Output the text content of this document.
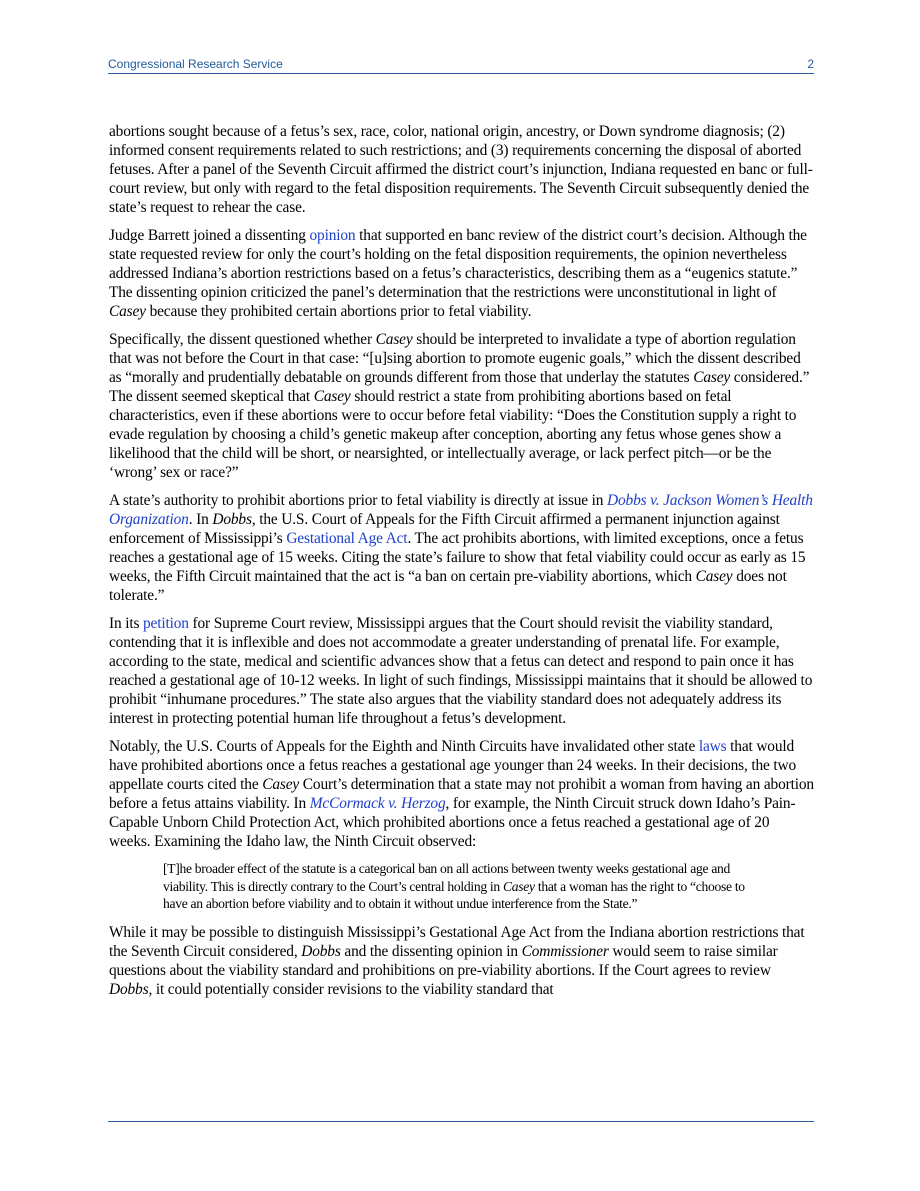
Congressional Research Service	2

abortions sought because of a fetus’s sex, race, color, national origin, ancestry, or Down syndrome diagnosis; (2) informed consent requirements related to such restrictions; and (3) requirements concerning the disposal of aborted fetuses. After a panel of the Seventh Circuit affirmed the district court’s injunction, Indiana requested en banc or full-court review, but only with regard to the fetal disposition requirements. The Seventh Circuit subsequently denied the state’s request to rehear the case.

Judge Barrett joined a dissenting opinion that supported en banc review of the district court’s decision. Although the state requested review for only the court’s holding on the fetal disposition requirements, the opinion nevertheless addressed Indiana’s abortion restrictions based on a fetus’s characteristics, describing them as a “eugenics statute.” The dissenting opinion criticized the panel’s determination that the restrictions were unconstitutional in light of Casey because they prohibited certain abortions prior to fetal viability.

Specifically, the dissent questioned whether Casey should be interpreted to invalidate a type of abortion regulation that was not before the Court in that case: “[u]sing abortion to promote eugenic goals,” which the dissent described as “morally and prudentially debatable on grounds different from those that underlay the statutes Casey considered.” The dissent seemed skeptical that Casey should restrict a state from prohibiting abortions based on fetal characteristics, even if these abortions were to occur before fetal viability: “Does the Constitution supply a right to evade regulation by choosing a child’s genetic makeup after conception, aborting any fetus whose genes show a likelihood that the child will be short, or nearsighted, or intellectually average, or lack perfect pitch—or be the ‘wrong’ sex or race?”

A state’s authority to prohibit abortions prior to fetal viability is directly at issue in Dobbs v. Jackson Women’s Health Organization. In Dobbs, the U.S. Court of Appeals for the Fifth Circuit affirmed a permanent injunction against enforcement of Mississippi’s Gestational Age Act. The act prohibits abortions, with limited exceptions, once a fetus reaches a gestational age of 15 weeks. Citing the state’s failure to show that fetal viability could occur as early as 15 weeks, the Fifth Circuit maintained that the act is “a ban on certain pre-viability abortions, which Casey does not tolerate.”

In its petition for Supreme Court review, Mississippi argues that the Court should revisit the viability standard, contending that it is inflexible and does not accommodate a greater understanding of prenatal life. For example, according to the state, medical and scientific advances show that a fetus can detect and respond to pain once it has reached a gestational age of 10-12 weeks. In light of such findings, Mississippi maintains that it should be allowed to prohibit “inhumane procedures.” The state also argues that the viability standard does not adequately address its interest in protecting potential human life throughout a fetus’s development.

Notably, the U.S. Courts of Appeals for the Eighth and Ninth Circuits have invalidated other state laws that would have prohibited abortions once a fetus reaches a gestational age younger than 24 weeks. In their decisions, the two appellate courts cited the Casey Court’s determination that a state may not prohibit a woman from having an abortion before a fetus attains viability. In McCormack v. Herzog, for example, the Ninth Circuit struck down Idaho’s Pain-Capable Unborn Child Protection Act, which prohibited abortions once a fetus reached a gestational age of 20 weeks. Examining the Idaho law, the Ninth Circuit observed:

[T]he broader effect of the statute is a categorical ban on all actions between twenty weeks gestational age and viability. This is directly contrary to the Court’s central holding in Casey that a woman has the right to “choose to have an abortion before viability and to obtain it without undue interference from the State.”

While it may be possible to distinguish Mississippi’s Gestational Age Act from the Indiana abortion restrictions that the Seventh Circuit considered, Dobbs and the dissenting opinion in Commissioner would seem to raise similar questions about the viability standard and prohibitions on pre-viability abortions. If the Court agrees to review Dobbs, it could potentially consider revisions to the viability standard that
